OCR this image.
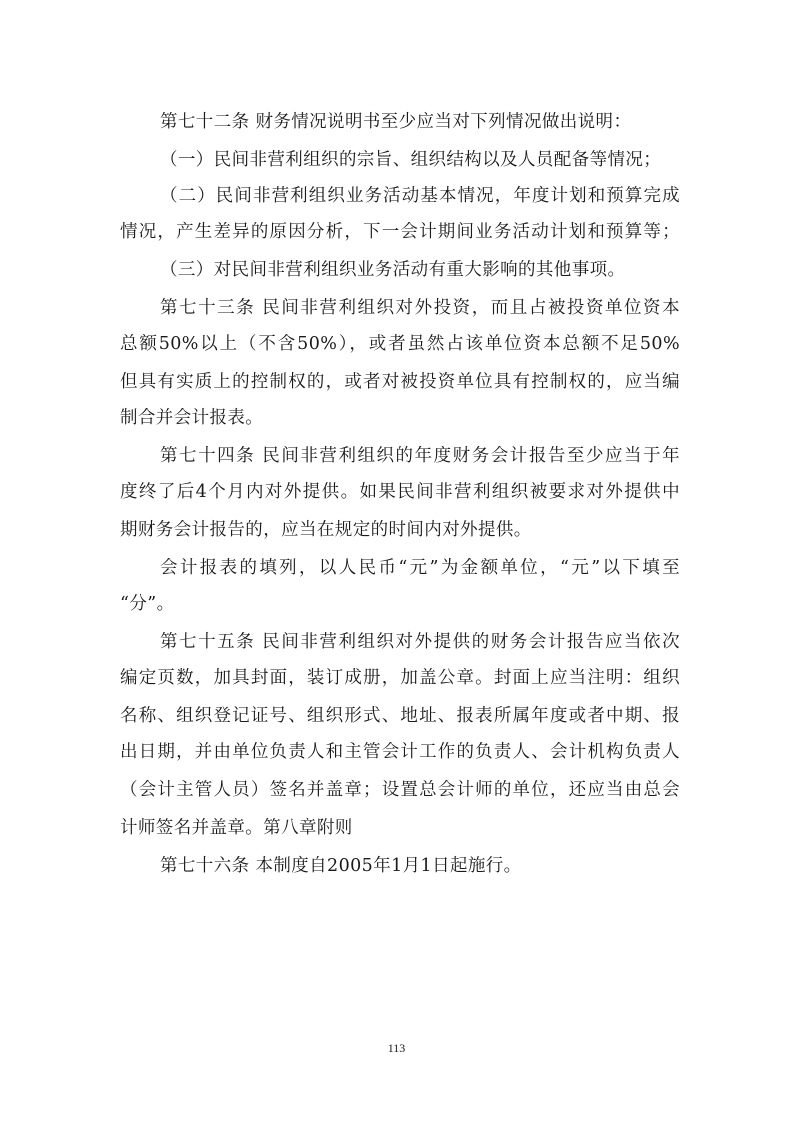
第七十二条 财务情况说明书至少应当对下列情况做出说明：
（一）民间非营利组织的宗旨、组织结构以及人员配备等情况；
（二）民间非营利组织业务活动基本情况，年度计划和预算完成
情况，产生差异的原因分析，下一会计期间业务活动计划和预算等；
（三）对民间非营利组织业务活动有重大影响的其他事项。
第七十三条 民间非营利组织对外投资，而且占被投资单位资本
总额50%以上（不含50%），或者虽然占该单位资本总额不足50%
但具有实质上的控制权的，或者对被投资单位具有控制权的，应当编
制合并会计报表。
第七十四条 民间非营利组织的年度财务会计报告至少应当于年
度终了后4个月内对外提供。如果民间非营利组织被要求对外提供中
期财务会计报告的，应当在规定的时间内对外提供。
会计报表的填列，以人民币“元”为金额单位，“元”以下填至
“分”。
第七十五条 民间非营利组织对外提供的财务会计报告应当依次
编定页数，加具封面，装订成册，加盖公章。封面上应当注明：组织
名称、组织登记证号、组织形式、地址、报表所属年度或者中期、报
出日期，并由单位负责人和主管会计工作的负责人、会计机构负责人
（会计主管人员）签名并盖章；设置总会计师的单位，还应当由总会
计师签名并盖章。第八章附则
第七十六条 本制度自2005年1月1日起施行。
113
